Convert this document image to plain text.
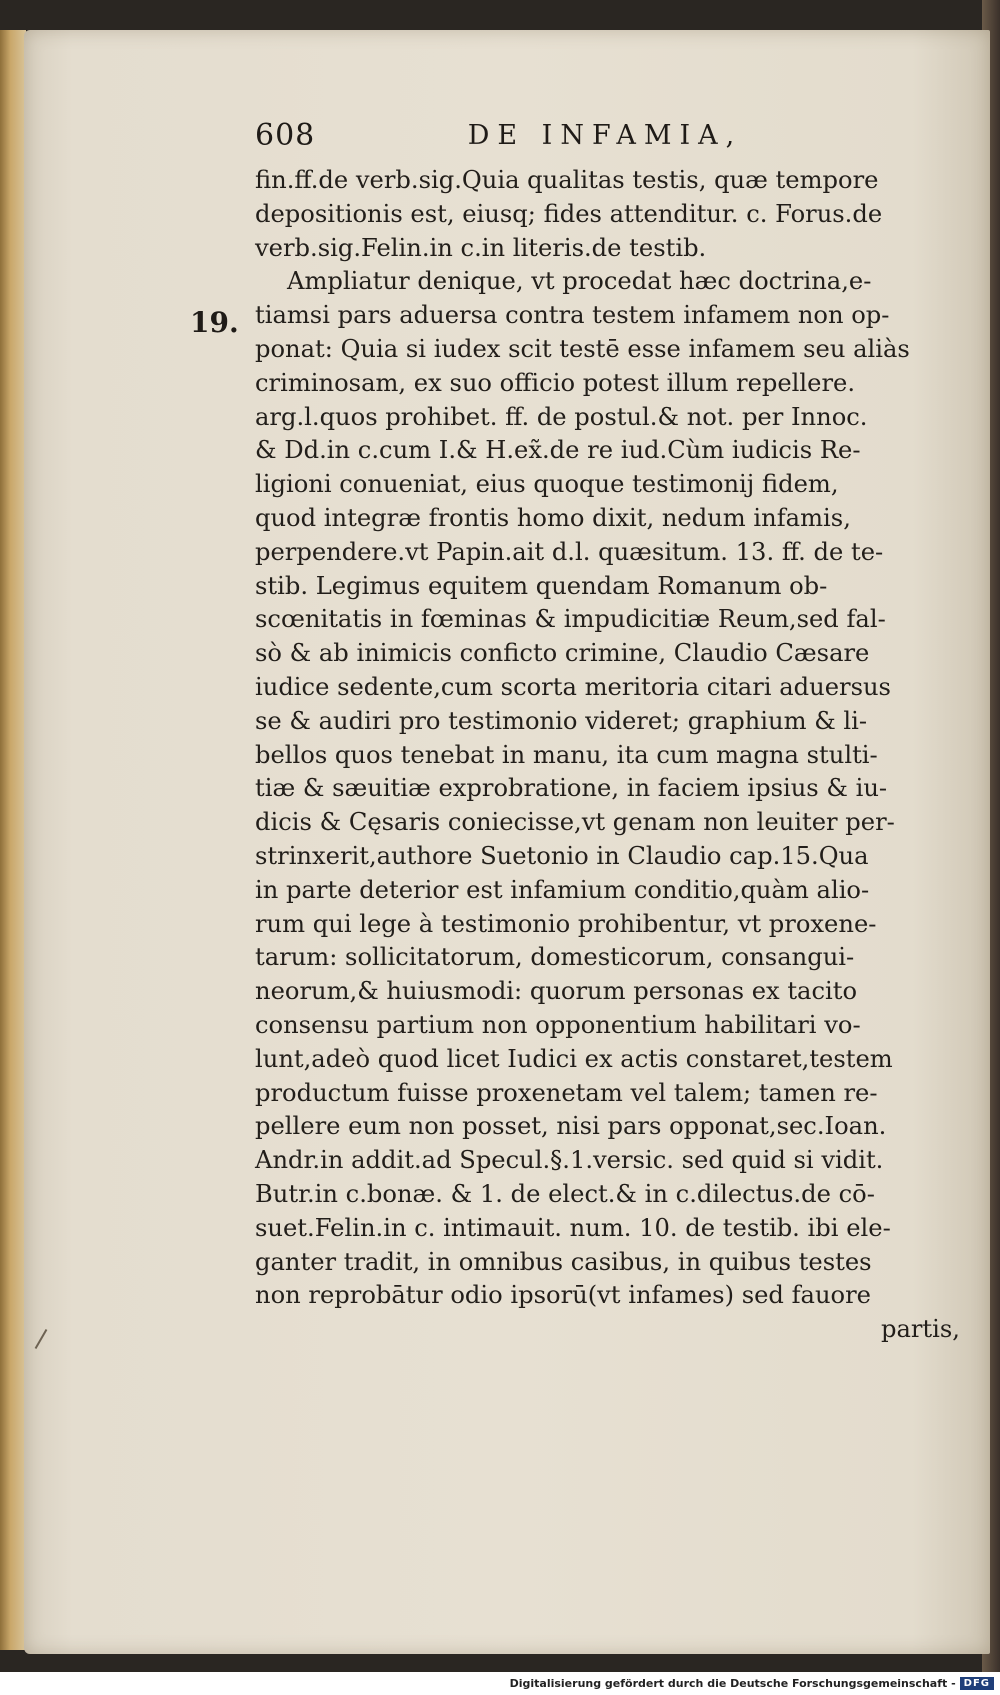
608	DE INFAMIA,
19.
fin.ff.de verb.sig.Quia qualitas testis, quæ tempore
depositionis est, eiusq; fides attenditur. c. Forus.de
verb.sig.Felin.in c.in literis.de testib.
Ampliatur denique, vt procedat hæc doctrina,e-
tiamsi pars aduersa contra testem infamem non op-
ponat: Quia si iudex scit testē esse infamem seu aliàs
criminosam, ex suo officio potest illum repellere.
arg.l.quos prohibet. ff. de postul.& not. per Innoc.
& Dd.in c.cum I.& H.ex̃.de re iud.Cùm iudicis Re-
ligioni conueniat, eius quoque testimonij fidem,
quod integræ frontis homo dixit, nedum infamis,
perpendere.vt Papin.ait d.l. quæsitum. 13. ff. de te-
stib. Legimus equitem quendam Romanum ob-
scœnitatis in fœminas & impudicitiæ Reum,sed fal-
sò & ab inimicis conficto crimine, Claudio Cæsare
iudice sedente,cum scorta meritoria citari aduersus
se & audiri pro testimonio videret; graphium & li-
bellos quos tenebat in manu, ita cum magna stulti-
tiæ & sæuitiæ exprobratione, in faciem ipsius & iu-
dicis & Cęsaris coniecisse,vt genam non leuiter per-
strinxerit,authore Suetonio in Claudio cap.15.Qua
in parte deterior est infamium conditio,quàm alio-
rum qui lege à testimonio prohibentur, vt proxene-
tarum: sollicitatorum, domesticorum, consangui-
neorum,& huiusmodi: quorum personas ex tacito
consensu partium non opponentium habilitari vo-
lunt,adeò quod licet Iudici ex actis constaret,testem
productum fuisse proxenetam vel talem; tamen re-
pellere eum non posset, nisi pars opponat,sec.Ioan.
Andr.in addit.ad Specul.§.1.versic. sed quid si vidit.
Butr.in c.bonæ. & 1. de elect.& in c.dilectus.de cō-
suet.Felin.in c. intimauit. num. 10. de testib. ibi ele-
ganter tradit, in omnibus casibus, in quibus testes
non reprobātur odio ipsorū(vt infames) sed fauore
partis,
Digitalisierung gefördert durch die Deutsche Forschungsgemeinschaft - DFG
